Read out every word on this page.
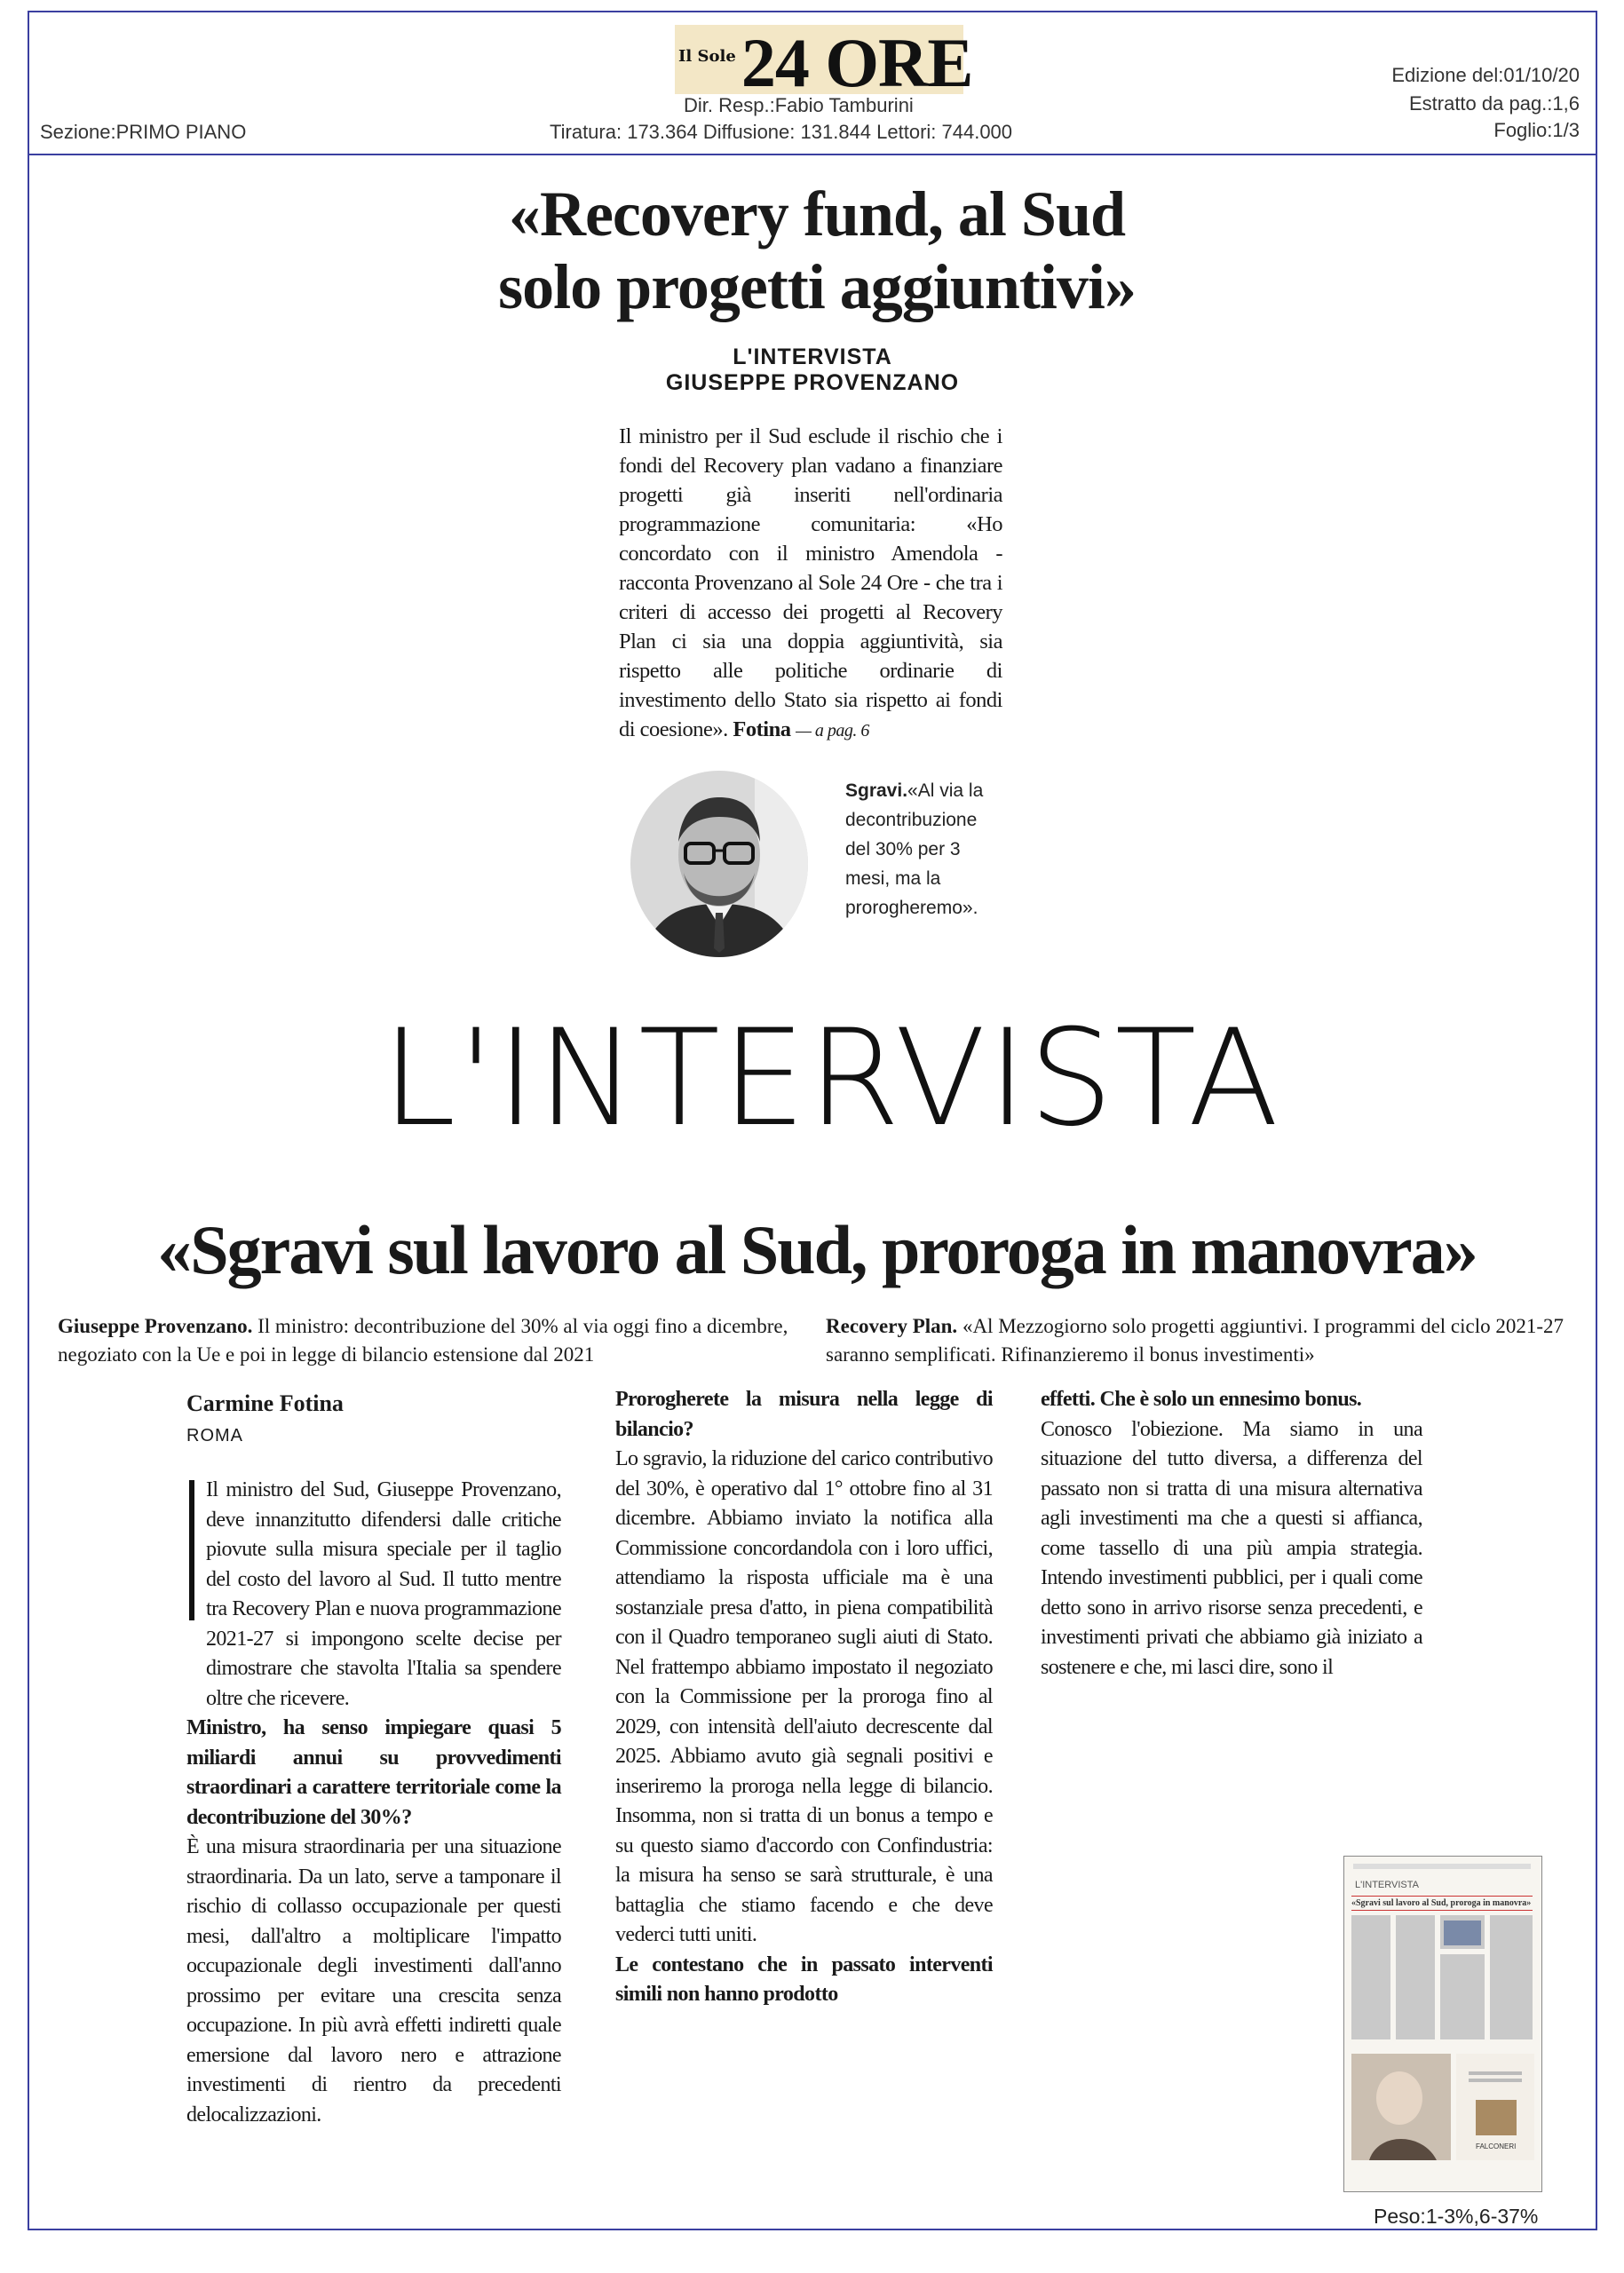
Il Sole 24 ORE
Dir. Resp.:Fabio Tamburini
Tiratura: 173.364 Diffusione: 131.844 Lettori: 744.000
Sezione:PRIMO PIANO
Edizione del:01/10/20
Estratto da pag.:1,6
Foglio:1/3
«Recovery fund, al Sud
solo progetti aggiuntivi»
L'INTERVISTA
GIUSEPPE PROVENZANO
Il ministro per il Sud esclude il rischio che i fondi del Recovery plan vadano a finanziare progetti già inseriti nell'ordinaria programmazione comunitaria: «Ho concordato con il ministro Amendola - racconta Provenzano al Sole 24 Ore - che tra i criteri di accesso dei progetti al Recovery Plan ci sia una doppia aggiuntività, sia rispetto alle politiche ordinarie di investimento dello Stato sia rispetto ai fondi di coesione». Fotina — a pag. 6
Sgravi.«Al via la decontribuzione del 30% per 3 mesi, ma la prorogheremo».
L'INTERVISTA
«Sgravi sul lavoro al Sud, proroga in manovra»
Giuseppe Provenzano. Il ministro: decontribuzione del 30% al via oggi fino a dicembre, negoziato con la Ue e poi in legge di bilancio estensione dal 2021
Recovery Plan. «Al Mezzogiorno solo progetti aggiuntivi. I programmi del ciclo 2021-27 saranno semplificati. Rifinanzieremo il bonus investimenti»
Carmine Fotina
ROMA

Il ministro del Sud, Giuseppe Provenzano, deve innanzitutto difendersi dalle critiche piovute sulla misura speciale per il taglio del costo del lavoro al Sud. Il tutto mentre tra Recovery Plan e nuova programmazione 2021-27 si impongono scelte decise per dimostrare che stavolta l'Italia sa spendere oltre che ricevere.

Ministro, ha senso impiegare quasi 5 miliardi annui su provvedimenti straordinari a carattere territoriale come la decontribuzione del 30%?

È una misura straordinaria per una situazione straordinaria. Da un lato, serve a tamponare il rischio di collasso occupazionale per questi mesi, dall'altro a moltiplicare l'impatto occupazionale degli investimenti dall'anno prossimo per evitare una crescita senza occupazione. In più avrà effetti indiretti quale emersione dal lavoro nero e attrazione investimenti di rientro da precedenti delocalizzazioni.

Prorogherete la misura nella legge di bilancio?

Lo sgravio, la riduzione del carico contributivo del 30%, è operativo dal 1° ottobre fino al 31 dicembre. Abbiamo inviato la notifica alla Commissione concordandola con i loro uffici, attendiamo la risposta ufficiale ma è una sostanziale presa d'atto, in piena compatibilità con il Quadro temporaneo sugli aiuti di Stato. Nel frattempo abbiamo impostato il negoziato con la Commissione per la proroga fino al 2029, con intensità dell'aiuto decrescente dal 2025. Abbiamo avuto già segnali positivi e inseriremo la proroga nella legge di bilancio. Insomma, non si tratta di un bonus a tempo e su questo siamo d'accordo con Confindustria: la misura ha senso se sarà strutturale, è una battaglia che stiamo facendo e che deve vederci tutti uniti.

Le contestano che in passato interventi simili non hanno prodotto

effetti. Che è solo un ennesimo bonus.

Conosco l'obiezione. Ma siamo in una situazione del tutto diversa, a differenza del passato non si tratta di una misura alternativa agli investimenti ma che a questi si affianca, come tassello di una più ampia strategia. Intendo investimenti pubblici, per i quali come detto sono in arrivo risorse senza precedenti, e investimenti privati che abbiamo già iniziato a sostenere e che, mi lasci dire, sono il

L'INTERVISTA
«Sgravi sul lavoro al Sud, proroga in manovra»
FALCONERI
Peso:1-3%,6-37%
